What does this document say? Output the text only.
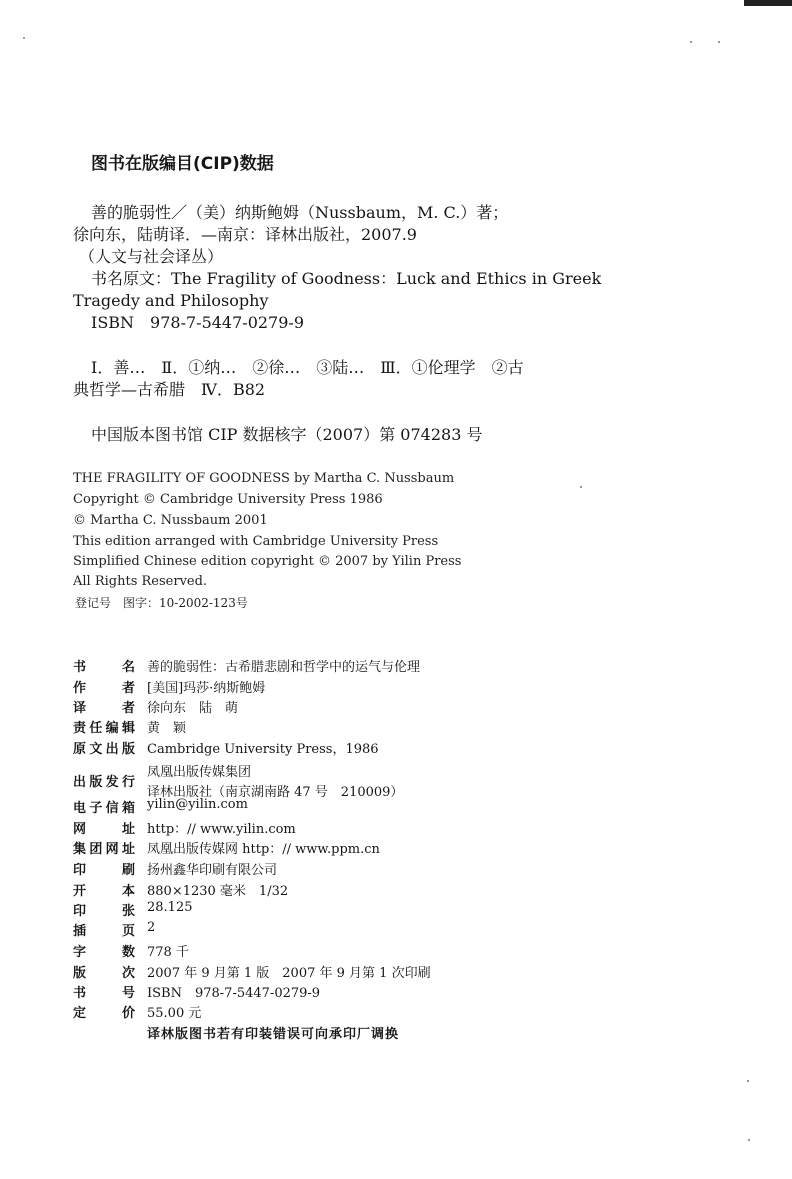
图书在版编目(CIP)数据
善的脆弱性／（美）纳斯鲍姆（Nussbaum，M. C.）著；
徐向东，陆萌译．—南京：译林出版社，2007.9
（人文与社会译丛）
书名原文：The Fragility of Goodness：Luck and Ethics in Greek
Tragedy and Philosophy
ISBN　978-7-5447-0279-9
Ⅰ．善…　Ⅱ．①纳…　②徐…　③陆…　Ⅲ．①伦理学　②古
典哲学—古希腊　Ⅳ．B82
中国版本图书馆 CIP 数据核字（2007）第 074283 号
THE FRAGILITY OF GOODNESS by Martha C. Nussbaum
Copyright © Cambridge University Press 1986
© Martha C. Nussbaum 2001
This edition arranged with Cambridge University Press
Simplified Chinese edition copyright © 2007 by Yilin Press
All Rights Reserved.
登记号　图字：10-2002-123号
书	名 善的脆弱性：古希腊悲剧和哲学中的运气与伦理
作	者 [美国]玛莎·纳斯鲍姆
译	者 徐向东　陆　萌
责 任 编 辑 黄　颖
原 文 出 版 Cambridge University Press，1986
出 版 发 行
凤凰出版传媒集团
译林出版社（南京湖南路 47 号　210009）
电 子 信 箱 yilin@yilin.com
网	址 http：// www.yilin.com
集 团 网 址 凤凰出版传媒网 http：// www.ppm.cn
印	刷 扬州鑫华印刷有限公司
开	本 880×1230 毫米　1/32
印	张 28.125
插	页 2
字	数 778 千
版	次 2007 年 9 月第 1 版　2007 年 9 月第 1 次印刷
书	号 ISBN　978-7-5447-0279-9
定	价 55.00 元
译林版图书若有印装错误可向承印厂调换
